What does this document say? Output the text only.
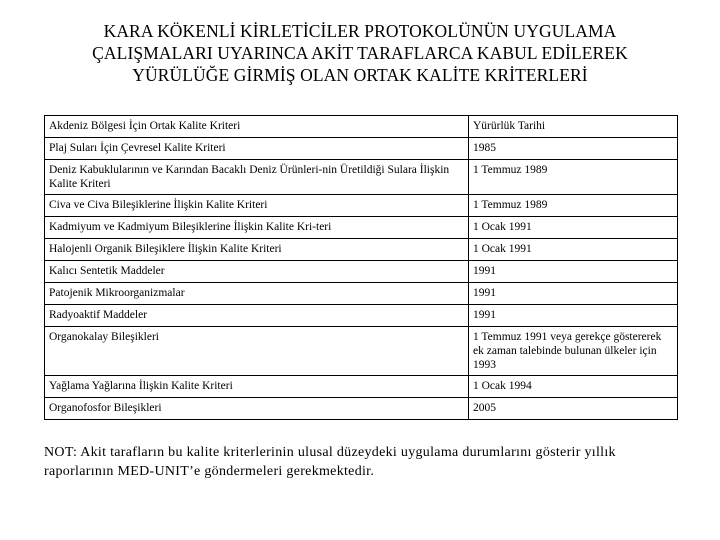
KARA KÖKENLİ KİRLETİCİLER PROTOKOLÜNÜN UYGULAMA
ÇALIŞMALARI UYARINCA AKİT TARAFLARCA KABUL EDİLEREK
YÜRÜLÜĞE GİRMİŞ OLAN ORTAK KALİTE KRİTERLERİ
Akdeniz Bölgesi İçin Ortak Kalite Kriteri	Yürürlük Tarihi
Plaj Suları İçin Çevresel Kalite Kriteri	1985
Deniz Kabuklularının ve Karından Bacaklı Deniz Ürünleri-nin Üretildiği Sulara İlişkin Kalite Kriteri	1 Temmuz 1989
Civa ve Civa Bileşiklerine İlişkin Kalite Kriteri	1 Temmuz 1989
Kadmiyum ve Kadmiyum Bileşiklerine İlişkin Kalite Kri-teri	1 Ocak 1991
Halojenli Organik Bileşiklere İlişkin Kalite Kriteri	1 Ocak 1991
Kalıcı Sentetik Maddeler	1991
Patojenik Mikroorganizmalar	1991
Radyoaktif Maddeler	1991
Organokalay Bileşikleri	1 Temmuz 1991 veya gerekçe göstererek ek zaman talebinde bulunan ülkeler için 1993
Yağlama Yağlarına İlişkin Kalite Kriteri	1 Ocak 1994
Organofosfor Bileşikleri	2005
NOT: Akit tarafların bu kalite kriterlerinin ulusal düzeydeki uygulama durumlarını gösterir yıllık raporlarının MED-UNIT’e göndermeleri gerekmektedir.
